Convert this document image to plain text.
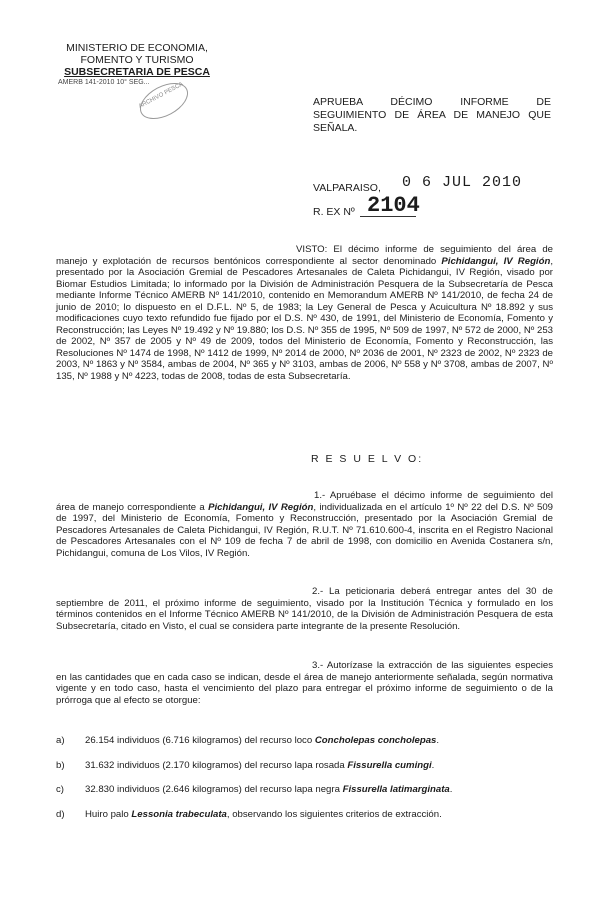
MINISTERIO DE ECONOMIA,
FOMENTO Y TURISMO
SUBSECRETARIA DE PESCA
AMERB 141-2010 10° SEG...
ARCHIVO PESCA	APRUEBA DÉCIMO INFORME DE
SEGUIMIENTO DE ÁREA DE MANEJO QUE
SEÑALA.
VALPARAISO, 0 6 JUL 2010
R. EX Nº 2104
VISTO: El décimo informe de seguimiento del área de manejo y explotación de recursos bentónicos correspondiente al sector denominado Pichidangui, IV Región, presentado por la Asociación Gremial de Pescadores Artesanales de Caleta Pichidangui, IV Región, visado por Biomar Estudios Limitada; lo informado por la División de Administración Pesquera de la Subsecretaría de Pesca mediante Informe Técnico AMERB Nº 141/2010, contenido en Memorandum AMERB Nº 141/2010, de fecha 24 de junio de 2010; lo dispuesto en el D.F.L. Nº 5, de 1983; la Ley General de Pesca y Acuicultura Nº 18.892 y sus modificaciones cuyo texto refundido fue fijado por el D.S. Nº 430, de 1991, del Ministerio de Economía, Fomento y Reconstrucción; las Leyes Nº 19.492 y Nº 19.880; los D.S. Nº 355 de 1995, Nº 509 de 1997, Nº 572 de 2000, Nº 253 de 2002, Nº 357 de 2005 y Nº 49 de 2009, todos del Ministerio de Economía, Fomento y Reconstrucción, las Resoluciones Nº 1474 de 1998, Nº 1412 de 1999, Nº 2014 de 2000, Nº 2036 de 2001, Nº 2323 de 2002, Nº 2323 de 2003, Nº 1863 y Nº 3584, ambas de 2004, Nº 365 y Nº 3103, ambas de 2006, Nº 558 y Nº 3708, ambas de 2007, Nº 135, Nº 1988 y Nº 4223, todas de 2008, todas de esta Subsecretaría.
R E S U E L V O:
1.- Apruébase el décimo informe de seguimiento del área de manejo correspondiente a Pichidangui, IV Región, individualizada en el artículo 1º Nº 22 del D.S. Nº 509 de 1997, del Ministerio de Economía, Fomento y Reconstrucción, presentado por la Asociación Gremial de Pescadores Artesanales de Caleta Pichidangui, IV Región, R.U.T. Nº 71.610.600-4, inscrita en el Registro Nacional de Pescadores Artesanales con el Nº 109 de fecha 7 de abril de 1998, con domicilio en Avenida Costanera s/n, Pichidangui, comuna de Los Vilos, IV Región.
2.- La peticionaria deberá entregar antes del 30 de septiembre de 2011, el próximo informe de seguimiento, visado por la Institución Técnica y formulado en los términos contenidos en el Informe Técnico AMERB Nº 141/2010, de la División de Administración Pesquera de esta Subsecretaría, citado en Visto, el cual se considera parte integrante de la presente Resolución.
3.- Autorízase la extracción de las siguientes especies en las cantidades que en cada caso se indican, desde el área de manejo anteriormente señalada, según normativa vigente y en todo caso, hasta el vencimiento del plazo para entregar el próximo informe de seguimiento o de la prórroga que al efecto se otorgue:
a) 26.154 individuos (6.716 kilogramos) del recurso loco Concholepas concholepas.
b) 31.632 individuos (2.170 kilogramos) del recurso lapa rosada Fissurella cumingi.
c) 32.830 individuos (2.646 kilogramos) del recurso lapa negra Fissurella latimarginata.
d) Huiro palo Lessonia trabeculata, observando los siguientes criterios de extracción.
